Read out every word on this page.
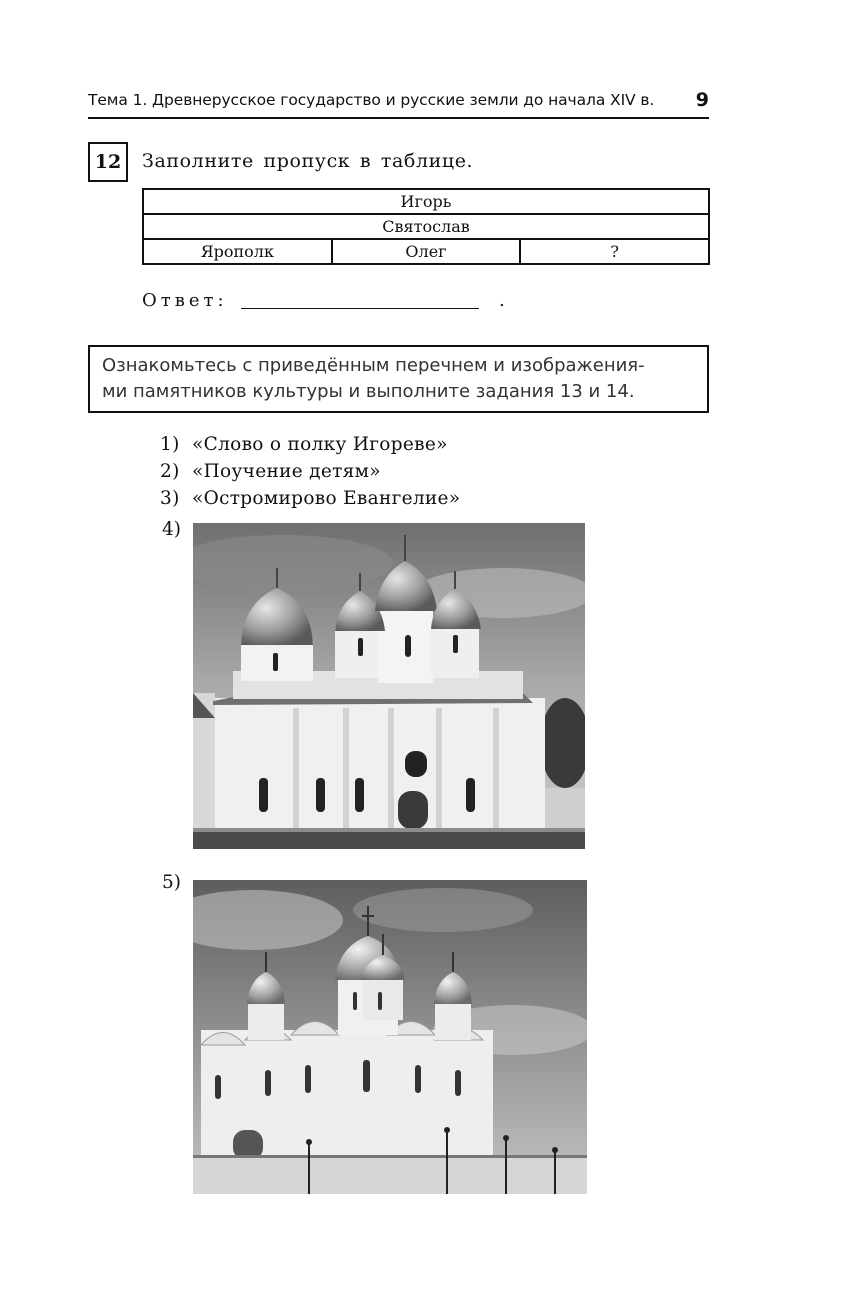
Тема 1. Древнерусское государство и русские земли до начала XIV в. 9
12	Заполните пропуск в таблице.
Игорь
Святослав
Ярополк	Олег	?
Ответ:	.
Ознакомьтесь с приведённым перечнем и изображения-
ми памятников культуры и выполните задания 13 и 14.
1) «Слово о полку Игореве»
2) «Поучение детям»
3) «Остромирово Евангелие»
4)
5)
